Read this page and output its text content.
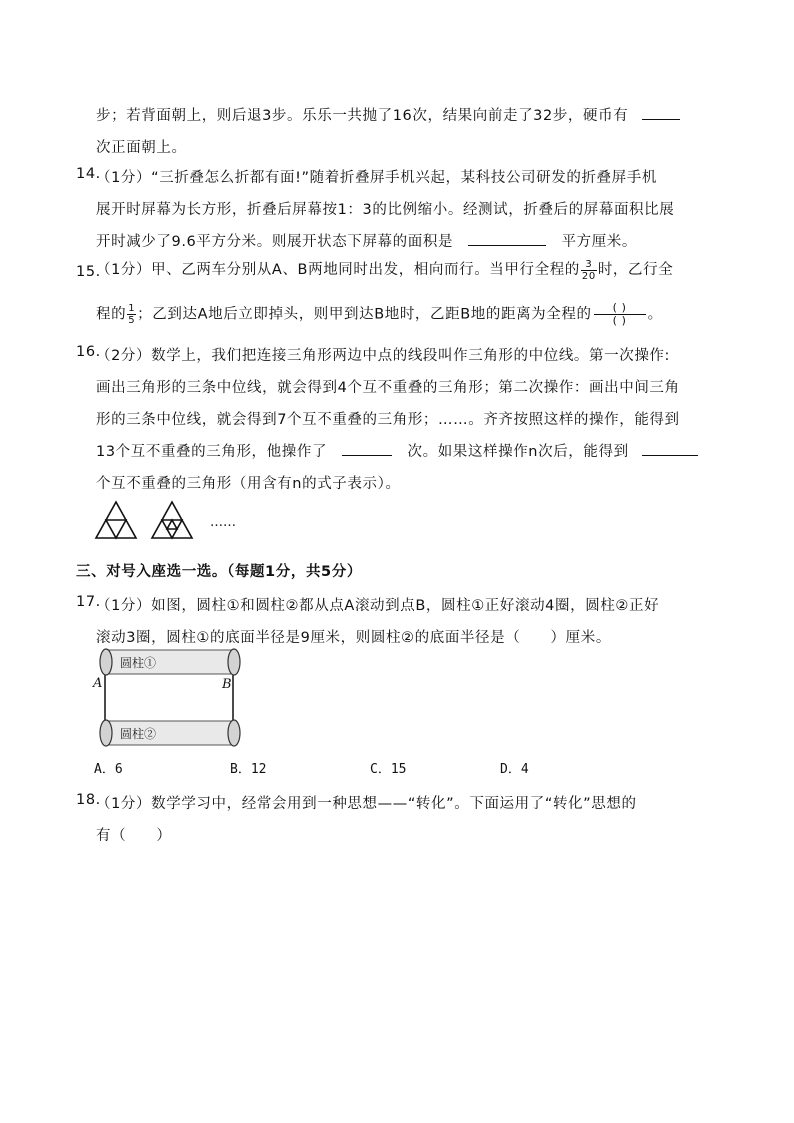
步；若背面朝上，则后退3步。乐乐一共抛了16次，结果向前走了32步，硬币有
次正面朝上。
14.
（1分）“三折叠怎么折都有面!”随着折叠屏手机兴起，某科技公司研发的折叠屏手机
展开时屏幕为长方形，折叠后屏幕按1：3的比例缩小。经测试，折叠后的屏幕面积比展
开时减少了9.6平方分米。则展开状态下屏幕的面积是	平方厘米。
15.
（1分）甲、乙两车分别从A、B两地同时出发，相向而行。当甲行全程的 $\frac{3}{20}$ 时，乙行全
程的 $\frac{1}{5}$ ；乙到达A地后立即掉头，则甲到达B地时，乙距B地的距离为全程的 $\frac{( )}{( )}$ 。
16.
（2分）数学上，我们把连接三角形两边中点的线段叫作三角形的中位线。第一次操作:
画出三角形的三条中位线，就会得到4个互不重叠的三角形；第二次操作：画出中间三角
形的三条中位线，就会得到7个互不重叠的三角形；……。齐齐按照这样的操作，能得到
13个互不重叠的三角形，他操作了	次。如果这样操作n次后，能得到
个互不重叠的三角形（用含有n的式子表示）。
……
三、对号入座选一选。（每题1分，共5分）
17.
（1分）如图，圆柱①和圆柱②都从点A滚动到点B，圆柱①正好滚动4圈，圆柱②正好
滚动3圈，圆柱①的底面半径是9厘米，则圆柱②的底面半径是（　　）厘米。
圆柱①
圆柱②
A	B
A．6	B．12	C．15	D．4
18.
（1分）数学学习中，经常会用到一种思想——“转化”。下面运用了“转化”思想的
有（　　）
